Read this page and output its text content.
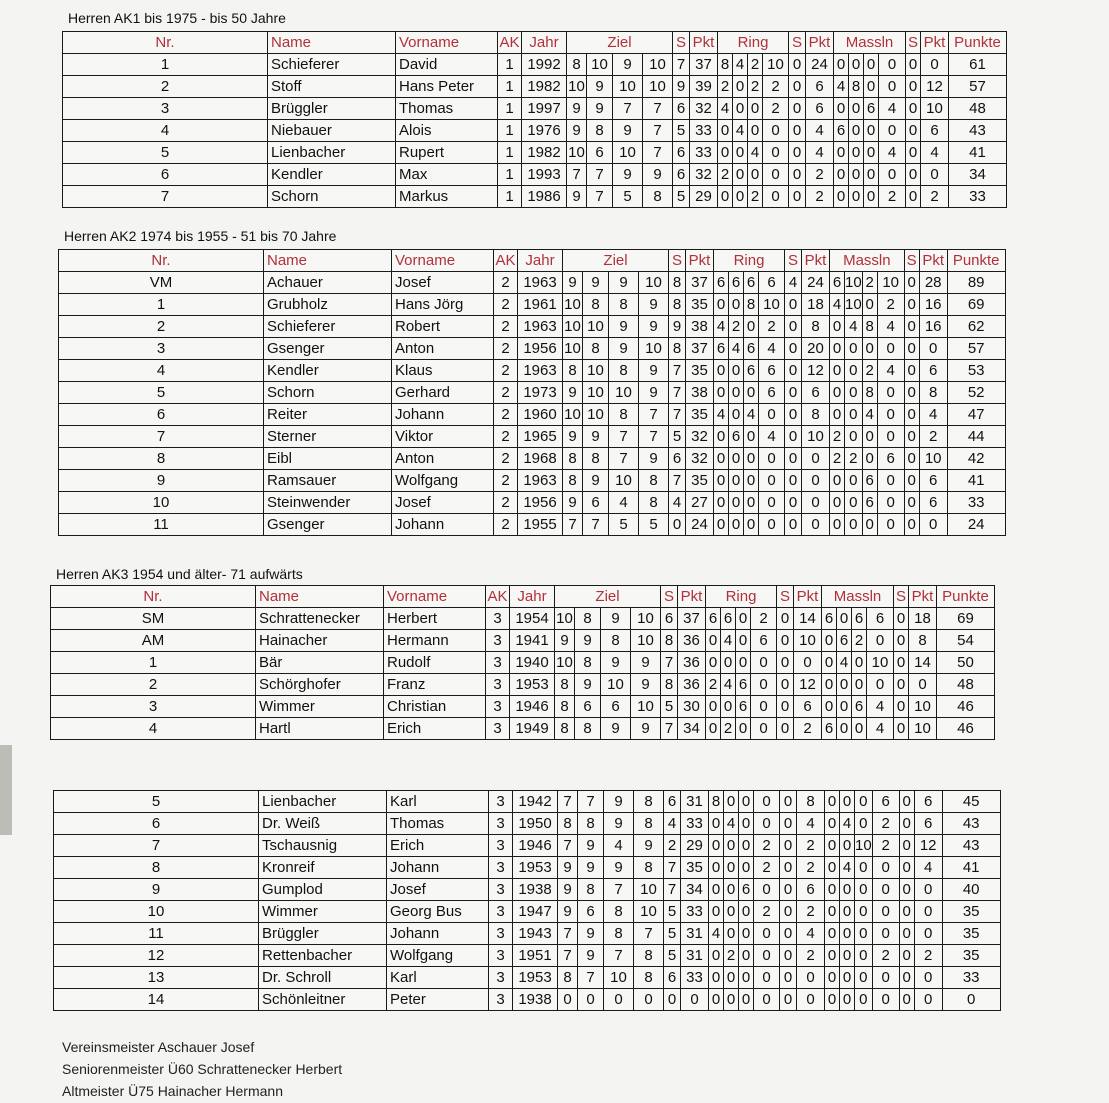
Herren AK1 bis 1975 - bis 50 Jahre
Nr.	Name	Vorname	AK	Jahr	Ziel				S	Pkt	Ring				S	Pkt	Massln				S	Pkt	Punkte
1	Schieferer	David	1	1992	8	10	9	10	7	37	8	4	2	10	0	24	0	0	0	0	0	0	61
2	Stoff	Hans Peter	1	1982	10	9	10	10	9	39	2	0	2	2	0	6	4	8	0	0	0	12	57
3	Brüggler	Thomas	1	1997	9	9	7	7	6	32	4	0	0	2	0	6	0	0	6	4	0	10	48
4	Niebauer	Alois	1	1976	9	8	9	7	5	33	0	4	0	0	0	4	6	0	0	0	0	6	43
5	Lienbacher	Rupert	1	1982	10	6	10	7	6	33	0	0	4	0	0	4	0	0	0	4	0	4	41
6	Kendler	Max	1	1993	7	7	9	9	6	32	2	0	0	0	0	2	0	0	0	0	0	0	34
7	Schorn	Markus	1	1986	9	7	5	8	5	29	0	0	2	0	0	2	0	0	0	2	0	2	33
Herren AK2 1974 bis 1955 - 51 bis 70 Jahre
Nr.	Name	Vorname	AK	Jahr	Ziel				S	Pkt	Ring				S	Pkt	Massln				S	Pkt	Punkte
VM	Achauer	Josef	2	1963	9	9	9	10	8	37	6	6	6	6	4	24	6	10	2	10	0	28	89
1	Grubholz	Hans Jörg	2	1961	10	8	8	9	8	35	0	0	8	10	0	18	4	10	0	2	0	16	69
2	Schieferer	Robert	2	1963	10	10	9	9	9	38	4	2	0	2	0	8	0	4	8	4	0	16	62
3	Gsenger	Anton	2	1956	10	8	9	10	8	37	6	4	6	4	0	20	0	0	0	0	0	0	57
4	Kendler	Klaus	2	1963	8	10	8	9	7	35	0	0	6	6	0	12	0	0	2	4	0	6	53
5	Schorn	Gerhard	2	1973	9	10	10	9	7	38	0	0	0	6	0	6	0	0	8	0	0	8	52
6	Reiter	Johann	2	1960	10	10	8	7	7	35	4	0	4	0	0	8	0	0	4	0	0	4	47
7	Sterner	Viktor	2	1965	9	9	7	7	5	32	0	6	0	4	0	10	2	0	0	0	0	2	44
8	Eibl	Anton	2	1968	8	8	7	9	6	32	0	0	0	0	0	0	2	2	0	6	0	10	42
9	Ramsauer	Wolfgang	2	1963	8	9	10	8	7	35	0	0	0	0	0	0	0	0	6	0	0	6	41
10	Steinwender	Josef	2	1956	9	6	4	8	4	27	0	0	0	0	0	0	0	0	6	0	0	6	33
11	Gsenger	Johann	2	1955	7	7	5	5	0	24	0	0	0	0	0	0	0	0	0	0	0	0	24
Herren AK3 1954 und älter- 71 aufwärts
Nr.	Name	Vorname	AK	Jahr	Ziel				S	Pkt	Ring				S	Pkt	Massln				S	Pkt	Punkte
SM	Schrattenecker	Herbert	3	1954	10	8	9	10	6	37	6	6	0	2	0	14	6	0	6	6	0	18	69
AM	Hainacher	Hermann	3	1941	9	9	8	10	8	36	0	4	0	6	0	10	0	6	2	0	0	8	54
1	Bär	Rudolf	3	1940	10	8	9	9	7	36	0	0	0	0	0	0	0	4	0	10	0	14	50
2	Schörghofer	Franz	3	1953	8	9	10	9	8	36	2	4	6	0	0	12	0	0	0	0	0	0	48
3	Wimmer	Christian	3	1946	8	6	6	10	5	30	0	0	6	0	0	6	0	0	6	4	0	10	46
4	Hartl	Erich	3	1949	8	8	9	9	7	34	0	2	0	0	0	2	6	0	0	4	0	10	46
5	Lienbacher	Karl	3	1942	7	7	9	8	6	31	8	0	0	0	0	8	0	0	0	6	0	6	45
6	Dr. Weiß	Thomas	3	1950	8	8	9	8	4	33	0	4	0	0	0	4	0	4	0	2	0	6	43
7	Tschausnig	Erich	3	1946	7	9	4	9	2	29	0	0	0	2	0	2	0	0	10	2	0	12	43
8	Kronreif	Johann	3	1953	9	9	9	8	7	35	0	0	0	2	0	2	0	4	0	0	0	4	41
9	Gumplod	Josef	3	1938	9	8	7	10	7	34	0	0	6	0	0	6	0	0	0	0	0	0	40
10	Wimmer	Georg Bus	3	1947	9	6	8	10	5	33	0	0	0	2	0	2	0	0	0	0	0	0	35
11	Brüggler	Johann	3	1943	7	9	8	7	5	31	4	0	0	0	0	4	0	0	0	0	0	0	35
12	Rettenbacher	Wolfgang	3	1951	7	9	7	8	5	31	0	2	0	0	0	2	0	0	0	2	0	2	35
13	Dr. Schroll	Karl	3	1953	8	7	10	8	6	33	0	0	0	0	0	0	0	0	0	0	0	0	33
14	Schönleitner	Peter	3	1938	0	0	0	0	0	0	0	0	0	0	0	0	0	0	0	0	0	0	0
Vereinsmeister Aschauer Josef
Seniorenmeister Ü60 Schrattenecker Herbert
Altmeister Ü75 Hainacher Hermann
